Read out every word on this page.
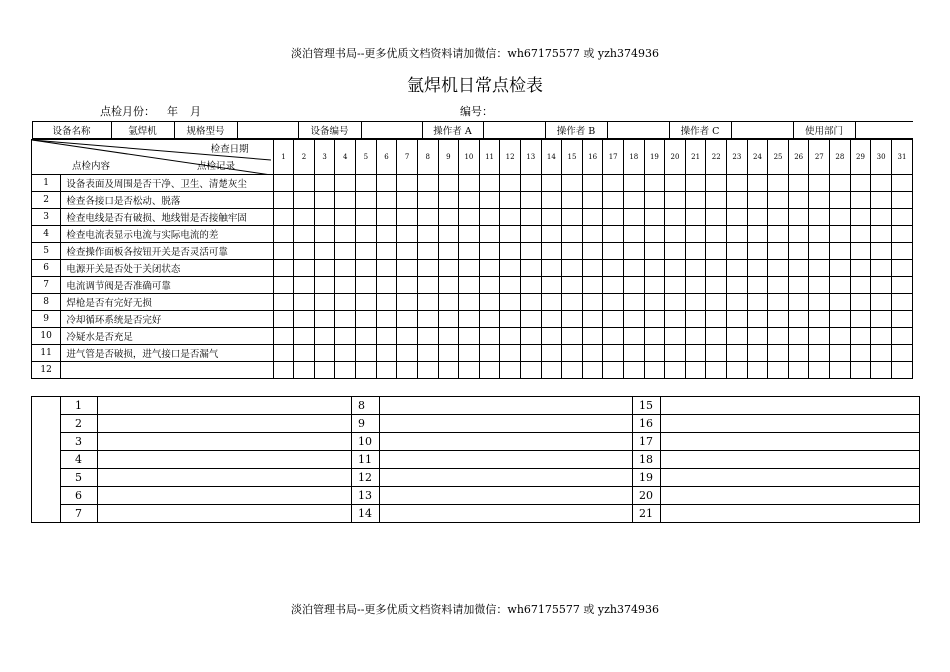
淡泊管理书局--更多优质文档资料请加微信：wh67175577 或 yzh374936
氩焊机日常点检表
点检月份： 年 月	编号：
设备名称	氩焊机	规格型号		设备编号		操作者 A		操作者 B		操作者 C		使用部门	

检查日期
点检内容	点检记录
	1	2	3	4	5	6	7	8	9	10	11	12	13	14	15	16	17	18	19	20	21	22	23	24	25	26	27	28	29	30	31
1	设备表面及周围是否干净、卫生、清楚灰尘																															
2	检查各接口是否松动、脱落																															
3	检查电线是否有破损、地线钳是否接触牢固																															
4	检查电流表显示电流与实际电流的差																															
5	检查操作面板各按钮开关是否灵活可靠																															
6	电源开关是否处于关闭状态																															
7	电流调节阀是否准确可靠																															
8	焊枪是否有完好无损																															
9	冷却循环系统是否完好																															
10	冷疑水是否充足																															
11	进气管是否破损，进气接口是否漏气																															
12																																
	1		8		15	
	2		9		16	
	3		10		17	
	4		11		18	
	5		12		19	
	6		13		20	
	7		14		21	
淡泊管理书局--更多优质文档资料请加微信：wh67175577 或 yzh374936
